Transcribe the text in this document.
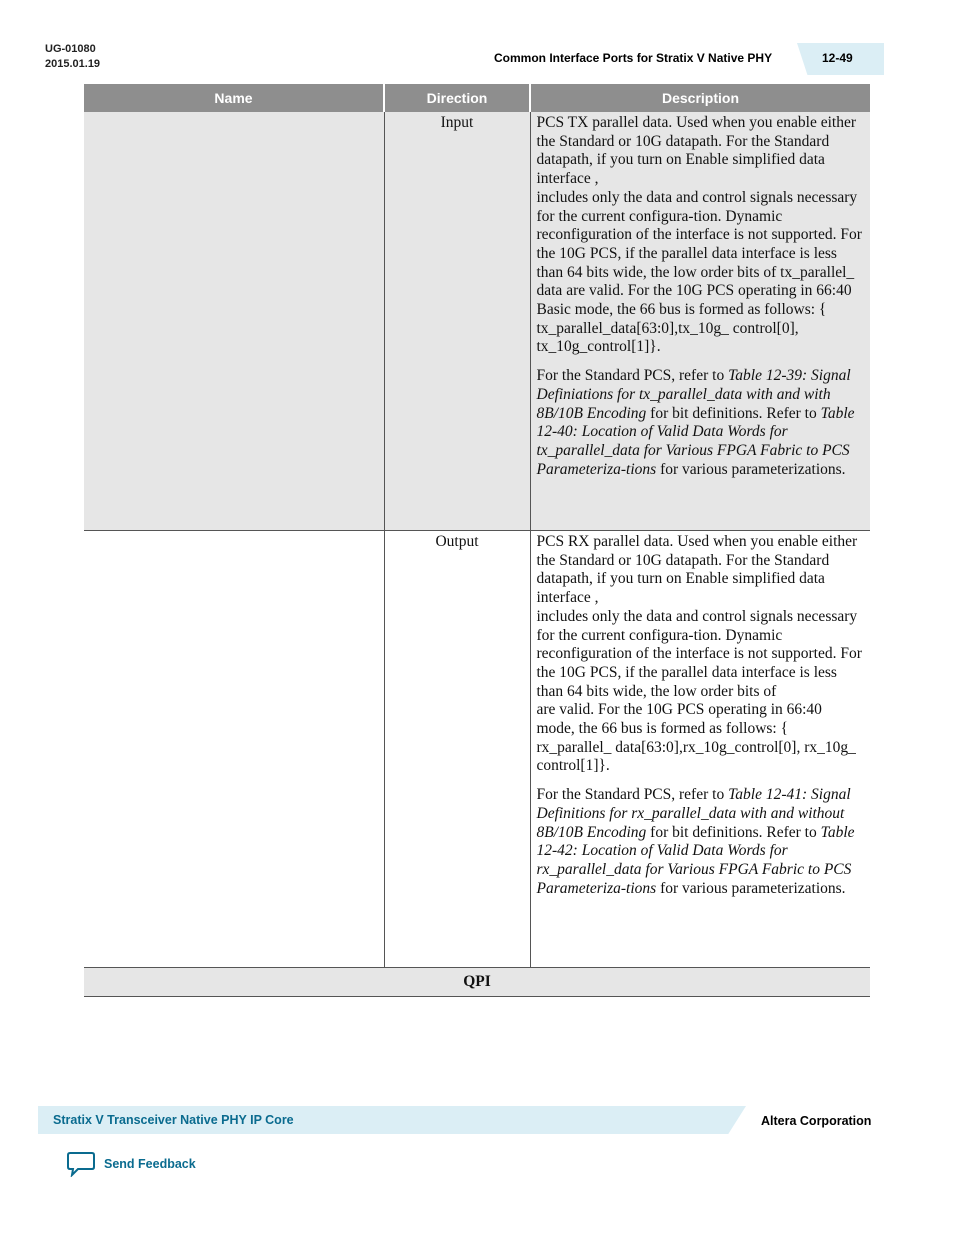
UG-01080
2015.01.19	Common Interface Ports for Stratix V Native PHY	12-49
Name	Direction	Description
	Input	PCS TX parallel data. Used when you enable either the Standard or 10G datapath. For the Standard datapath, if you turn on Enable simplified data interface ,
includes only the data and control signals necessary for the current configura-tion. Dynamic reconfiguration of the interface is not supported. For the 10G PCS, if the parallel data interface is less than 64 bits wide, the low order bits of tx_parallel_ data are valid. For the 10G PCS operating in 66:40 Basic mode, the 66 bus is formed as follows: { tx_parallel_data[63:0],tx_10g_ control[0], tx_10g_control[1]}.

For the Standard PCS, refer to Table 12-39: Signal Definiations for tx_parallel_data with and with 8B/10B Encoding for bit definitions. Refer to Table 12-40: Location of Valid Data Words for tx_parallel_data for Various FPGA Fabric to PCS Parameteriza-tions for various parameterizations.

	Output	PCS RX parallel data. Used when you enable either the Standard or 10G datapath. For the Standard datapath, if you turn on Enable simplified data interface ,
includes only the data and control signals necessary for the current configura-tion. Dynamic reconfiguration of the interface is not supported. For the 10G PCS, if the parallel data interface is less than 64 bits wide, the low order bits of
are valid. For the 10G PCS operating in 66:40 mode, the 66 bus is formed as follows: { rx_parallel_ data[63:0],rx_10g_control[0], rx_10g_ control[1]}.

For the Standard PCS, refer to Table 12-41: Signal Definitions for rx_parallel_data with and without 8B/10B Encoding for bit definitions. Refer to Table 12-42: Location of Valid Data Words for rx_parallel_data for Various FPGA Fabric to PCS Parameteriza-tions for various parameterizations.

QPI		
Stratix V Transceiver Native PHY IP Core	Altera Corporation
Send Feedback
